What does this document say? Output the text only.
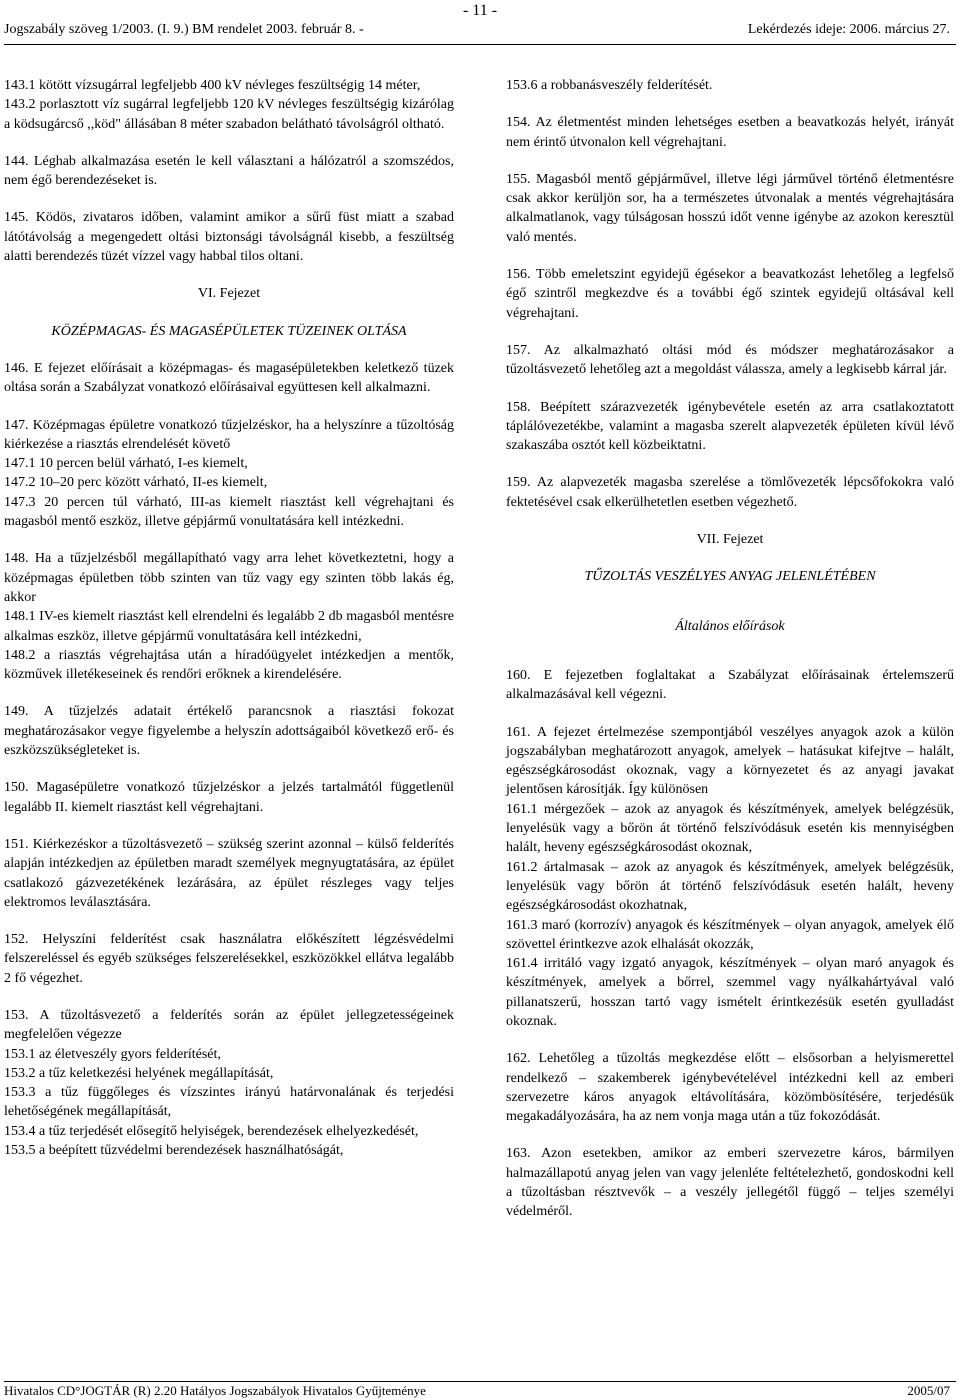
- 11 -
Jogszabály szöveg 1/2003. (I. 9.) BM rendelet 2003. február 8. -	Lekérdezés ideje: 2006. március 27.

143.1 kötött vízsugárral legfeljebb 400 kV névleges feszültségig 14 méter,

143.2 porlasztott víz sugárral legfeljebb 120 kV névleges feszültségig kizárólag a ködsugárcső ,,köd" állásában 8 méter szabadon belátható távolságról oltható.

144. Léghab alkalmazása esetén le kell választani a hálózatról a szomszédos, nem égő berendezéseket is.

145. Ködös, zivataros időben, valamint amikor a sűrű füst miatt a szabad látótávolság a megengedett oltási biztonsági távolságnál kisebb, a feszültség alatti berendezés tüzét vízzel vagy habbal tilos oltani.

VI. Fejezet

KÖZÉPMAGAS- ÉS MAGASÉPÜLETEK TÜZEINEK OLTÁSA

146. E fejezet előírásait a középmagas- és magasépületekben keletkező tüzek oltása során a Szabályzat vonatkozó előírásaival együttesen kell alkalmazni.

147. Középmagas épületre vonatkozó tűzjelzéskor, ha a helyszínre a tűzoltóság kiérkezése a riasztás elrendelését követő

147.1 10 percen belül várható, I-es kiemelt,

147.2 10–20 perc között várható, II-es kiemelt,

147.3 20 percen túl várható, III-as kiemelt riasztást kell végrehajtani és magasból mentő eszköz, illetve gépjármű vonultatására kell intézkedni.

148. Ha a tűzjelzésből megállapítható vagy arra lehet következtetni, hogy a középmagas épületben több szinten van tűz vagy egy szinten több lakás ég, akkor

148.1 IV-es kiemelt riasztást kell elrendelni és legalább 2 db magasból mentésre alkalmas eszköz, illetve gépjármű vonultatására kell intézkedni,

148.2 a riasztás végrehajtása után a híradóügyelet intézkedjen a mentők, közművek illetékeseinek és rendőri erőknek a kirendelésére.

149. A tűzjelzés adatait értékelő parancsnok a riasztási fokozat meghatározásakor vegye figyelembe a helyszín adottságaiból következő erő- és eszközszükségleteket is.

150. Magasépületre vonatkozó tűzjelzéskor a jelzés tartalmától függetlenül legalább II. kiemelt riasztást kell végrehajtani.

151. Kiérkezéskor a tűzoltásvezető – szükség szerint azonnal – külső felderítés alapján intézkedjen az épületben maradt személyek megnyugtatására, az épület csatlakozó gázvezetékének lezárására, az épület részleges vagy teljes elektromos leválasztására.

152. Helyszíni felderítést csak használatra előkészített légzésvédelmi felszereléssel és egyéb szükséges felszerelésekkel, eszközökkel ellátva legalább 2 fő végezhet.

153. A tűzoltásvezető a felderítés során az épület jellegzetességeinek megfelelően végezze

153.1 az életveszély gyors felderítését,

153.2 a tűz keletkezési helyének megállapítását,

153.3 a tűz függőleges és vízszintes irányú határvonalának és terjedési lehetőségének megállapítását,

153.4 a tűz terjedését elősegítő helyiségek, berendezések elhelyezkedését,

153.5 a beépített tűzvédelmi berendezések használhatóságát,

153.6 a robbanásveszély felderítését.

154. Az életmentést minden lehetséges esetben a beavatkozás helyét, irányát nem érintő útvonalon kell végrehajtani.

155. Magasból mentő gépjárművel, illetve légi járművel történő életmentésre csak akkor kerüljön sor, ha a természetes útvonalak a mentés végrehajtására alkalmatlanok, vagy túlságosan hosszú időt venne igénybe az azokon keresztül való mentés.

156. Több emeletszint egyidejű égésekor a beavatkozást lehetőleg a legfelső égő szintről megkezdve és a további égő szintek egyidejű oltásával kell végrehajtani.

157. Az alkalmazható oltási mód és módszer meghatározásakor a tűzoltásvezető lehetőleg azt a megoldást válassza, amely a legkisebb kárral jár.

158. Beépített szárazvezeték igénybevétele esetén az arra csatlakoztatott táplálóvezetékbe, valamint a magasba szerelt alapvezeték épületen kívül lévő szakaszába osztót kell közbeiktatni.

159. Az alapvezeték magasba szerelése a tömlővezeték lépcsőfokokra való fektetésével csak elkerülhetetlen esetben végezhető.

VII. Fejezet

TŰZOLTÁS VESZÉLYES ANYAG JELENLÉTÉBEN

Általános előírások

160. E fejezetben foglaltakat a Szabályzat előírásainak értelemszerű alkalmazásával kell végezni.

161. A fejezet értelmezése szempontjából veszélyes anyagok azok a külön jogszabályban meghatározott anyagok, amelyek – hatásukat kifejtve – halált, egészségkárosodást okoznak, vagy a környezetet és az anyagi javakat jelentősen károsítják. Így különösen

161.1 mérgezőek – azok az anyagok és készítmények, amelyek belégzésük, lenyelésük vagy a bőrön át történő felszívódásuk esetén kis mennyiségben halált, heveny egészségkárosodást okoznak,

161.2 ártalmasak – azok az anyagok és készítmények, amelyek belégzésük, lenyelésük vagy bőrön át történő felszívódásuk esetén halált, heveny egészségkárosodást okozhatnak,

161.3 maró (korrozív) anyagok és készítmények – olyan anyagok, amelyek élő szövettel érintkezve azok elhalását okozzák,

161.4 irritáló vagy izgató anyagok, készítmények – olyan maró anyagok és készítmények, amelyek a bőrrel, szemmel vagy nyálkahártyával való pillanatszerű, hosszan tartó vagy ismételt érintkezésük esetén gyulladást okoznak.

162. Lehetőleg a tűzoltás megkezdése előtt – elsősorban a helyismerettel rendelkező – szakemberek igénybevételével intézkedni kell az emberi szervezetre káros anyagok eltávolítására, közömbösítésére, terjedésük megakadályozására, ha az nem vonja maga után a tűz fokozódását.

163. Azon esetekben, amikor az emberi szervezetre káros, bármilyen halmazállapotú anyag jelen van vagy jelenléte feltételezhető, gondoskodni kell a tűzoltásban résztvevők – a veszély jellegétől függő – teljes személyi védelméről.

Hivatalos CD°JOGTÁR (R) 2.20 Hatályos Jogszabályok Hivatalos Gyűjteménye	2005/07
